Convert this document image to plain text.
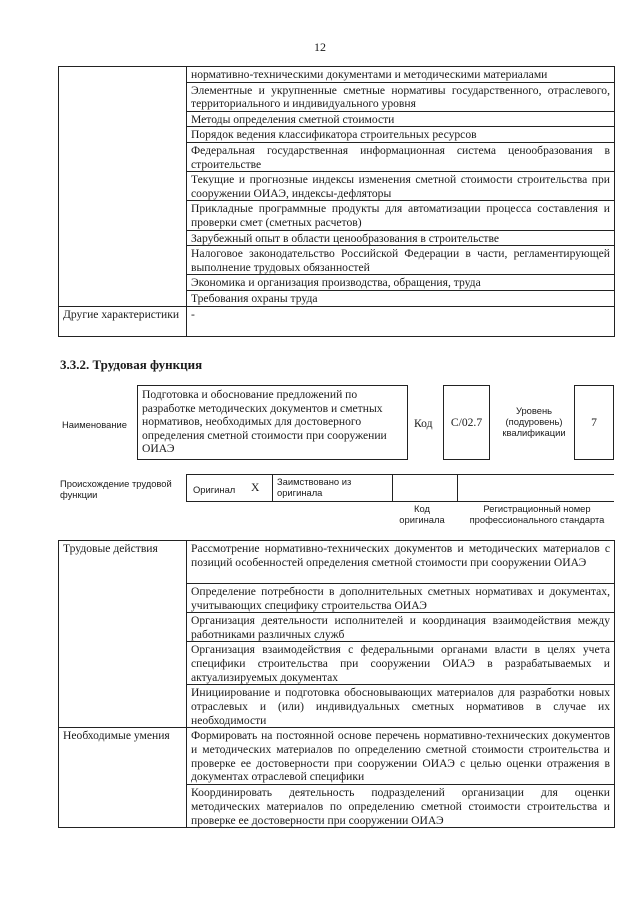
12
	нормативно-техническими документами и методическими материалами
	Элементные и укрупненные сметные нормативы государственного, отраслевого, территориального и индивидуального уровня
	Методы определения сметной стоимости
	Порядок ведения классификатора строительных ресурсов
	Федеральная государственная информационная система ценообразования в строительстве
	Текущие и прогнозные индексы изменения сметной стоимости строительства при сооружении ОИАЭ, индексы-дефляторы
	Прикладные программные продукты для автоматизации процесса составления и проверки смет (сметных расчетов)
	Зарубежный опыт в области ценообразования в строительстве
	Налоговое законодательство Российской Федерации в части, регламентирующей выполнение трудовых обязанностей
	Экономика и организация производства, обращения, труда
	Требования охраны труда
Другие характеристики	-
3.3.2. Трудовая функция
Наименование
Подготовка и обоснование предложений по разработке методических документов и сметных нормативов, необходимых для достоверного определения сметной стоимости при сооружении ОИАЭ
Код С/02.7
Уровень (подуровень) квалификации
7
Происхождение трудовой функции	Оригинал X Заимствовано из оригинала
Код оригинала
Регистрационный номер профессионального стандарта
Трудовые действия	Рассмотрение нормативно-технических документов и методических материалов с позиций особенностей определения сметной стоимости при сооружении ОИАЭ
	Определение потребности в дополнительных сметных нормативах и документах, учитывающих специфику строительства ОИАЭ
	Организация деятельности исполнителей и координация взаимодействия между работниками различных служб
	Организация взаимодействия с федеральными органами власти в целях учета специфики строительства при сооружении ОИАЭ в разрабатываемых и актуализируемых документах
	Инициирование и подготовка обосновывающих материалов для разработки новых отраслевых и (или) индивидуальных сметных нормативов в случае их необходимости
Необходимые умения	Формировать на постоянной основе перечень нормативно-технических документов и методических материалов по определению сметной стоимости строительства и проверке ее достоверности при сооружении ОИАЭ с целью оценки отражения в документах отраслевой специфики
	Координировать деятельность подразделений организации для оценки методических материалов по определению сметной стоимости строительства и проверке ее достоверности при сооружении ОИАЭ
